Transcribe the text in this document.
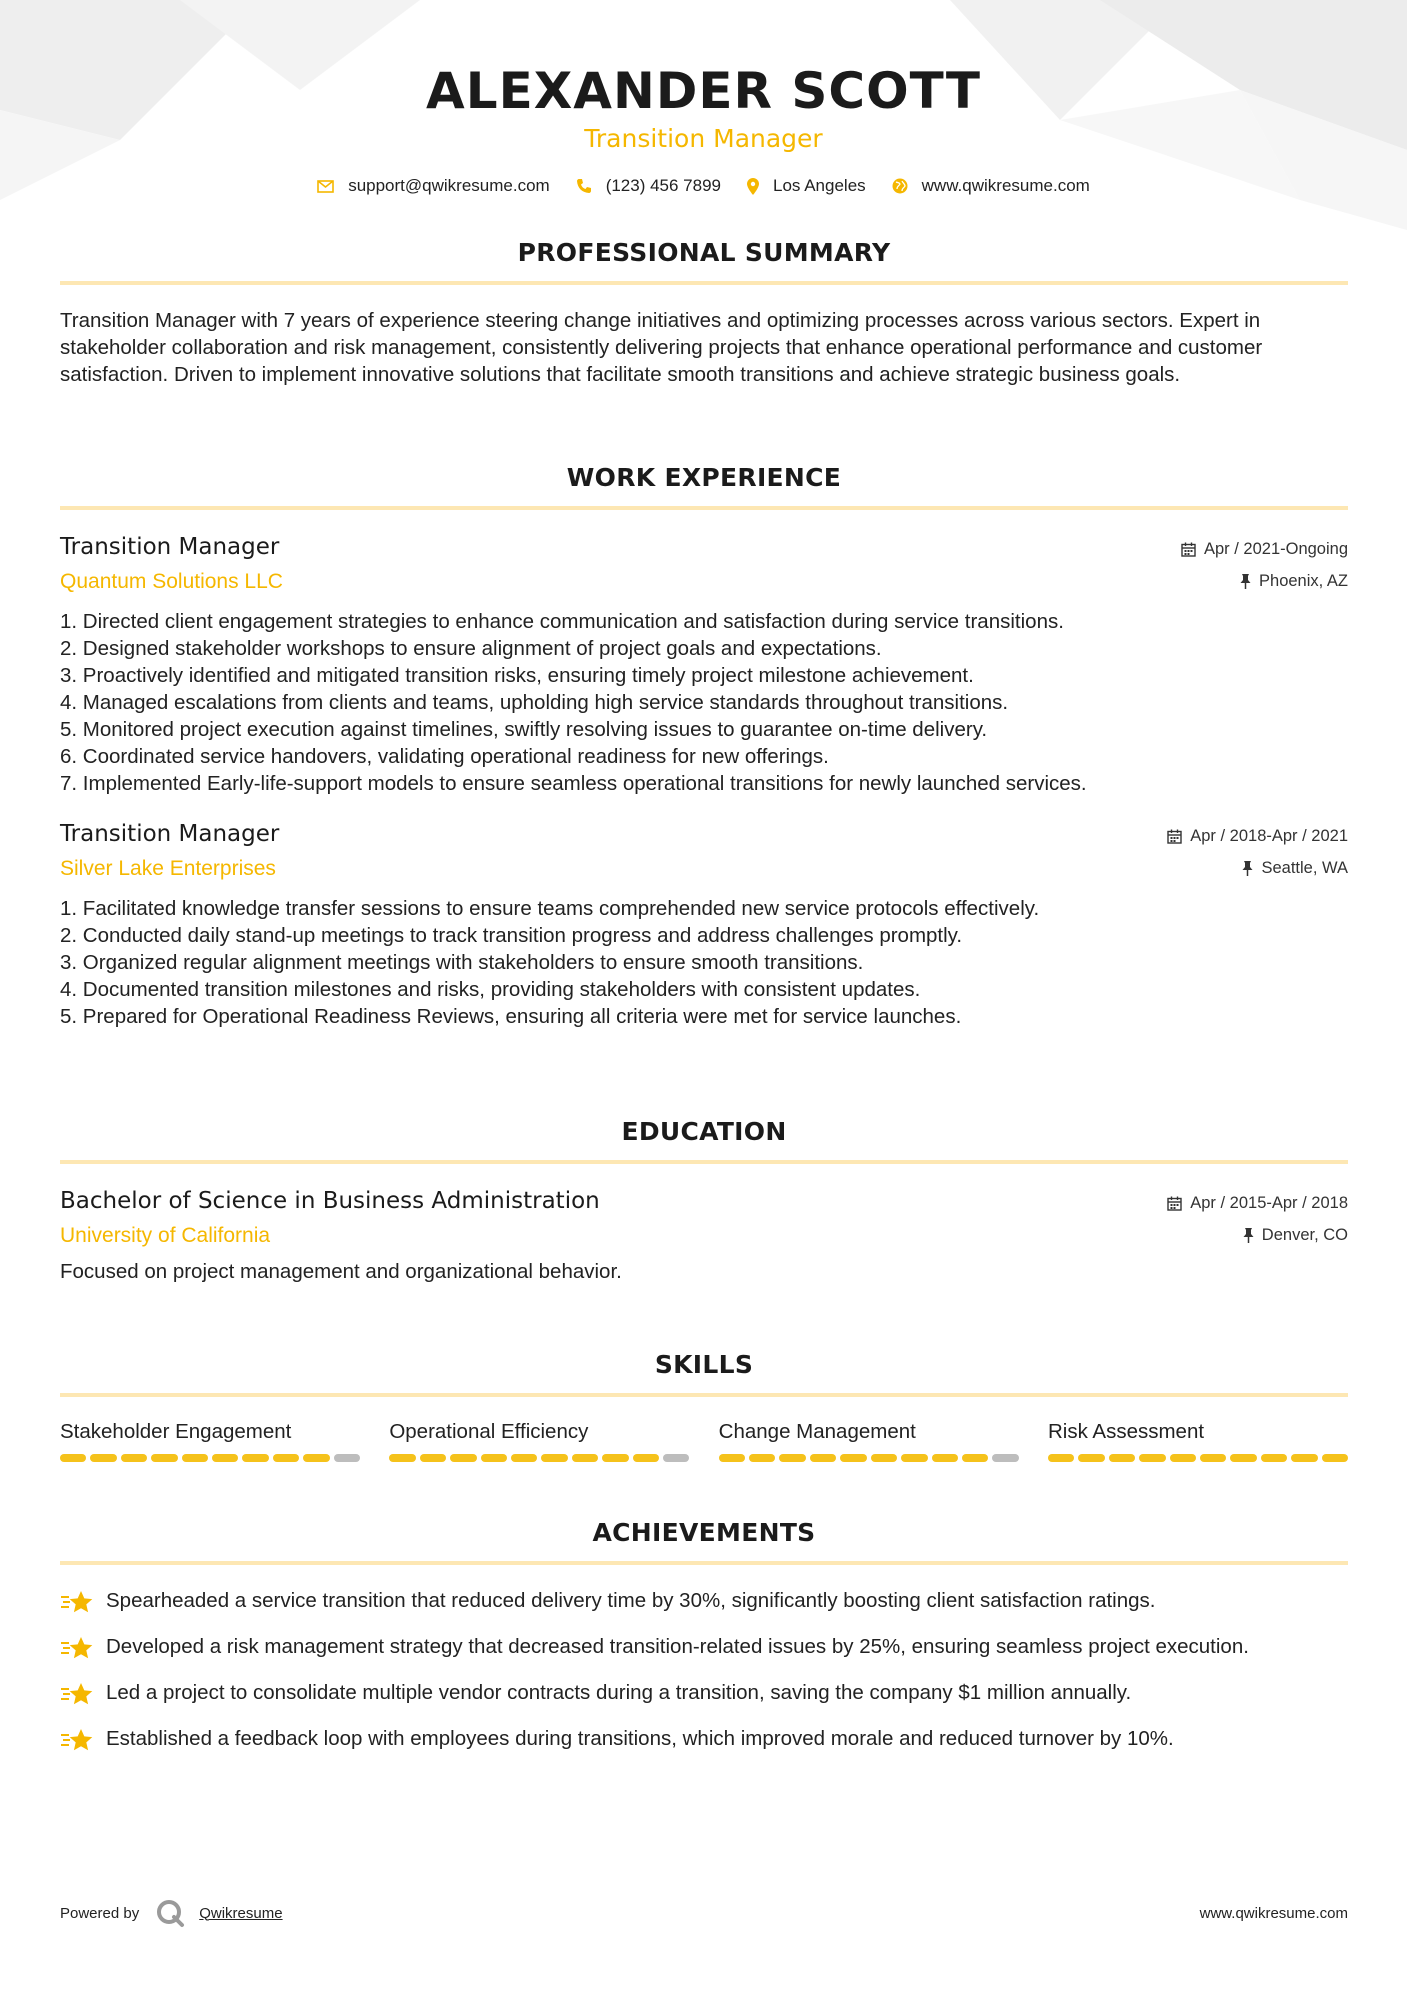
ALEXANDER SCOTT
Transition Manager
support@qwikresume.com	(123) 456 7899	Los Angeles	www.qwikresume.com
PROFESSIONAL SUMMARY
Transition Manager with 7 years of experience steering change initiatives and optimizing processes across various sectors. Expert in stakeholder collaboration and risk management, consistently delivering projects that enhance operational performance and customer satisfaction. Driven to implement innovative solutions that facilitate smooth transitions and achieve strategic business goals.
WORK EXPERIENCE
Transition Manager
Quantum Solutions LLC
Apr / 2021-Ongoing
Phoenix, AZ
1. Directed client engagement strategies to enhance communication and satisfaction during service transitions.
2. Designed stakeholder workshops to ensure alignment of project goals and expectations.
3. Proactively identified and mitigated transition risks, ensuring timely project milestone achievement.
4. Managed escalations from clients and teams, upholding high service standards throughout transitions.
5. Monitored project execution against timelines, swiftly resolving issues to guarantee on-time delivery.
6. Coordinated service handovers, validating operational readiness for new offerings.
7. Implemented Early-life-support models to ensure seamless operational transitions for newly launched services.
Transition Manager
Silver Lake Enterprises
Apr / 2018-Apr / 2021
Seattle, WA
1. Facilitated knowledge transfer sessions to ensure teams comprehended new service protocols effectively.
2. Conducted daily stand-up meetings to track transition progress and address challenges promptly.
3. Organized regular alignment meetings with stakeholders to ensure smooth transitions.
4. Documented transition milestones and risks, providing stakeholders with consistent updates.
5. Prepared for Operational Readiness Reviews, ensuring all criteria were met for service launches.
EDUCATION
Bachelor of Science in Business Administration
University of California
Apr / 2015-Apr / 2018
Denver, CO
Focused on project management and organizational behavior.
SKILLS
Stakeholder Engagement	Operational Efficiency	Change Management	Risk Assessment
ACHIEVEMENTS
Spearheaded a service transition that reduced delivery time by 30%, significantly boosting client satisfaction ratings.
Developed a risk management strategy that decreased transition-related issues by 25%, ensuring seamless project execution.
Led a project to consolidate multiple vendor contracts during a transition, saving the company $1 million annually.
Established a feedback loop with employees during transitions, which improved morale and reduced turnover by 10%.
Powered by	Qwikresume	www.qwikresume.com
